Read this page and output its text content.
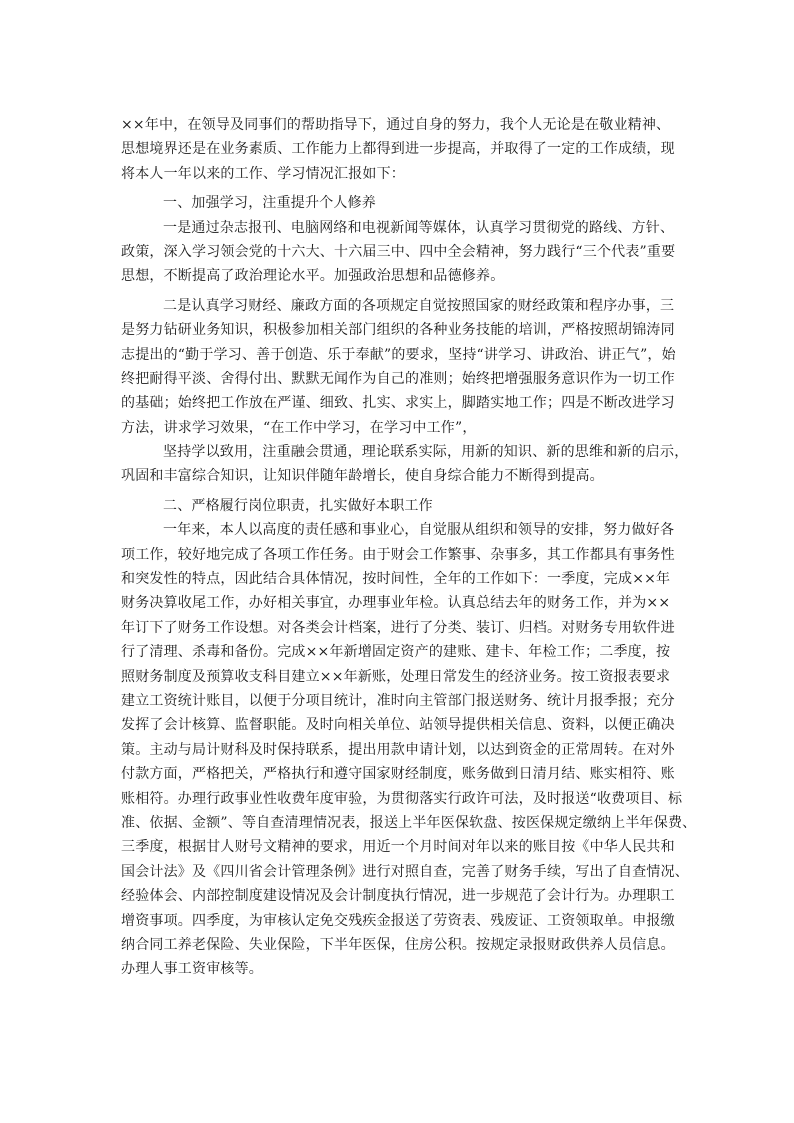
××年中，在领导及同事们的帮助指导下，通过自身的努力，我个人无论是在敬业精神、
思想境界还是在业务素质、工作能力上都得到进一步提高，并取得了一定的工作成绩，现
将本人一年以来的工作、学习情况汇报如下：
一、加强学习，注重提升个人修养
一是通过杂志报刊、电脑网络和电视新闻等媒体，认真学习贯彻党的路线、方针、
政策，深入学习领会党的十六大、十六届三中、四中全会精神，努力践行“三个代表”重要
思想，不断提高了政治理论水平。加强政治思想和品德修养。
二是认真学习财经、廉政方面的各项规定自觉按照国家的财经政策和程序办事，三
是努力钻研业务知识，积极参加相关部门组织的各种业务技能的培训，严格按照胡锦涛同
志提出的“勤于学习、善于创造、乐于奉献”的要求，坚持“讲学习、讲政治、讲正气”，始
终把耐得平淡、舍得付出、默默无闻作为自己的准则；始终把增强服务意识作为一切工作
的基础；始终把工作放在严谨、细致、扎实、求实上，脚踏实地工作；四是不断改进学习
方法，讲求学习效果，“在工作中学习，在学习中工作”，
坚持学以致用，注重融会贯通，理论联系实际，用新的知识、新的思维和新的启示，
巩固和丰富综合知识，让知识伴随年龄增长，使自身综合能力不断得到提高。
二、严格履行岗位职责，扎实做好本职工作
一年来，本人以高度的责任感和事业心，自觉服从组织和领导的安排，努力做好各
项工作，较好地完成了各项工作任务。由于财会工作繁事、杂事多，其工作都具有事务性
和突发性的特点，因此结合具体情况，按时间性，全年的工作如下：一季度，完成××年
财务决算收尾工作，办好相关事宜，办理事业年检。认真总结去年的财务工作，并为××
年订下了财务工作设想。对各类会计档案，进行了分类、装订、归档。对财务专用软件进
行了清理、杀毒和备份。完成××年新增固定资产的建账、建卡、年检工作；二季度，按
照财务制度及预算收支科目建立××年新账，处理日常发生的经济业务。按工资报表要求
建立工资统计账目，以便于分项目统计，准时向主管部门报送财务、统计月报季报；充分
发挥了会计核算、监督职能。及时向相关单位、站领导提供相关信息、资料，以便正确决
策。主动与局计财科及时保持联系，提出用款申请计划，以达到资金的正常周转。在对外
付款方面，严格把关，严格执行和遵守国家财经制度，账务做到日清月结、账实相符、账
账相符。办理行政事业性收费年度审验，为贯彻落实行政许可法，及时报送“收费项目、标
准、依据、金额”、等自查清理情况表，报送上半年医保软盘、按医保规定缴纳上半年保费、
三季度，根据甘人财号文精神的要求，用近一个月时间对年以来的账目按《中华人民共和
国会计法》及《四川省会计管理条例》进行对照自查，完善了财务手续，写出了自查情况、
经验体会、内部控制度建设情况及会计制度执行情况，进一步规范了会计行为。办理职工
增资事项。四季度，为审核认定免交残疾金报送了劳资表、残废证、工资领取单。申报缴
纳合同工养老保险、失业保险，下半年医保，住房公积。按规定录报财政供养人员信息。
办理人事工资审核等。
